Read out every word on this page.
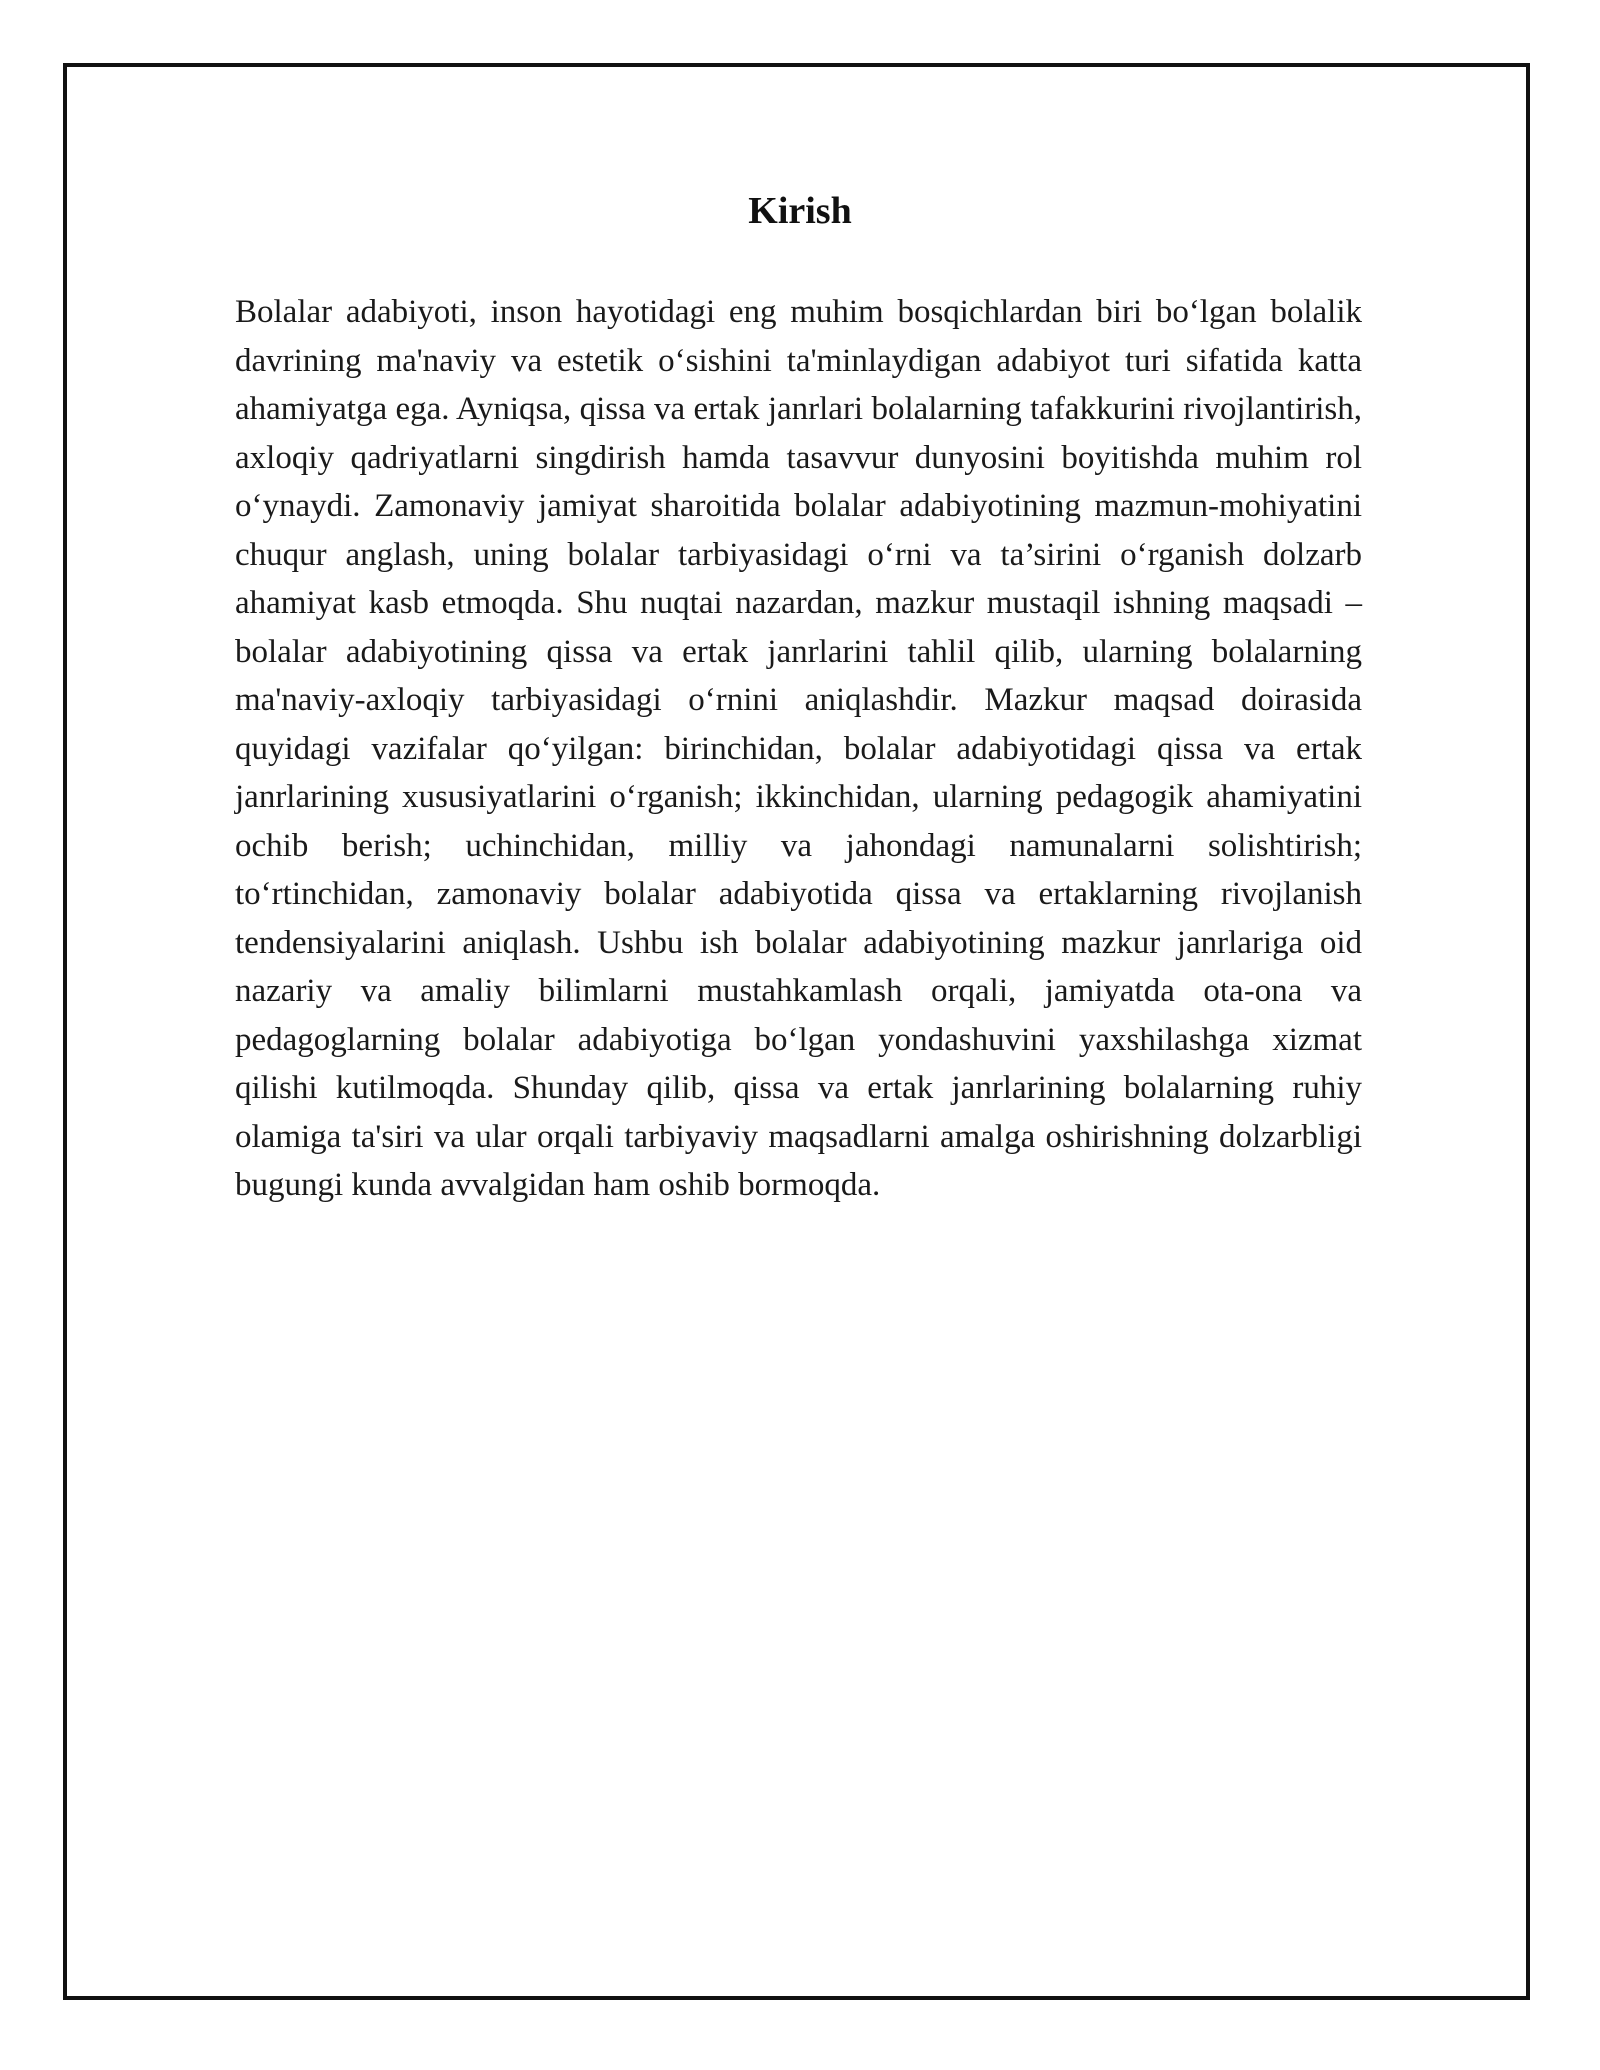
Kirish

Bolalar adabiyoti, inson hayotidagi eng muhim bosqichlardan biri bo‘lgan bolalik davrining ma'naviy va estetik o‘sishini ta'minlaydigan adabiyot turi sifatida katta ahamiyatga ega. Ayniqsa, qissa va ertak janrlari bolalarning tafakkurini rivojlantirish, axloqiy qadriyatlarni singdirish hamda tasavvur dunyosini boyitishda muhim rol o‘ynaydi. Zamonaviy jamiyat sharoitida bolalar adabiyotining mazmun-mohiyatini chuqur anglash, uning bolalar tarbiyasidagi o‘rni va ta’sirini o‘rganish dolzarb ahamiyat kasb etmoqda. Shu nuqtai nazardan, mazkur mustaqil ishning maqsadi – bolalar adabiyotining qissa va ertak janrlarini tahlil qilib, ularning bolalarning ma'naviy-axloqiy tarbiyasidagi o‘rnini aniqlashdir. Mazkur maqsad doirasida quyidagi vazifalar qo‘yilgan: birinchidan, bolalar adabiyotidagi qissa va ertak janrlarining xususiyatlarini o‘rganish; ikkinchidan, ularning pedagogik ahamiyatini ochib berish; uchinchidan, milliy va jahondagi namunalarni solishtirish; to‘rtinchidan, zamonaviy bolalar adabiyotida qissa va ertaklarning rivojlanish tendensiyalarini aniqlash. Ushbu ish bolalar adabiyotining mazkur janrlariga oid nazariy va amaliy bilimlarni mustahkamlash orqali, jamiyatda ota-ona va pedagoglarning bolalar adabiyotiga bo‘lgan yondashuvini yaxshilashga xizmat qilishi kutilmoqda. Shunday qilib, qissa va ertak janrlarining bolalarning ruhiy olamiga ta'siri va ular orqali tarbiyaviy maqsadlarni amalga oshirishning dolzarbligi bugungi kunda avvalgidan ham oshib bormoqda.
